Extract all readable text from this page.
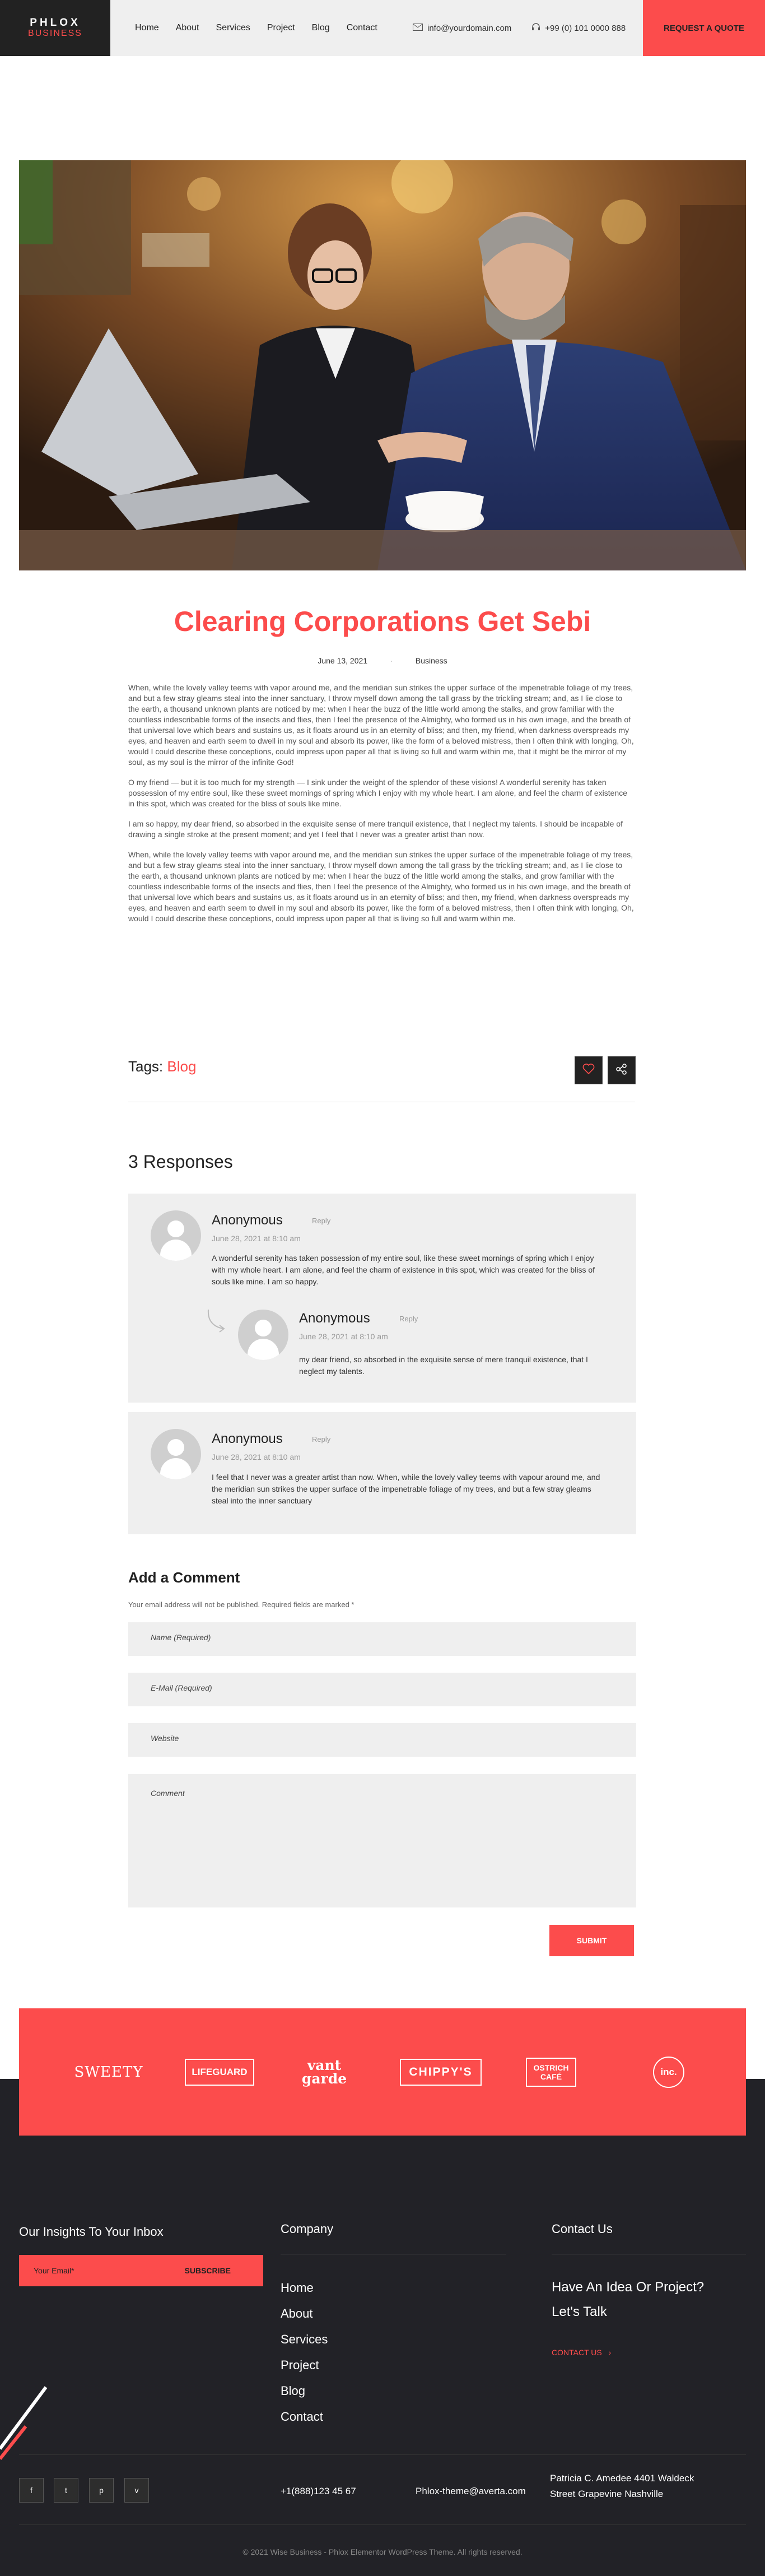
PHLOX
BUSINESS
Home About Services Project Blog Contact	info@yourdomain.com	+99 (0) 101 0000 888	REQUEST A QUOTE
Clearing Corporations Get Sebi
June 13, 2021	·	Business

When, while the lovely valley teems with vapor around me, and the meridian sun strikes the upper surface of the impenetrable foliage of my trees, and but a few stray gleams steal into the inner sanctuary, I throw myself down among the tall grass by the trickling stream; and, as I lie close to the earth, a thousand unknown plants are noticed by me: when I hear the buzz of the little world among the stalks, and grow familiar with the countless indescribable forms of the insects and flies, then I feel the presence of the Almighty, who formed us in his own image, and the breath of that universal love which bears and sustains us, as it floats around us in an eternity of bliss; and then, my friend, when darkness overspreads my eyes, and heaven and earth seem to dwell in my soul and absorb its power, like the form of a beloved mistress, then I often think with longing, Oh, would I could describe these conceptions, could impress upon paper all that is living so full and warm within me, that it might be the mirror of my soul, as my soul is the mirror of the infinite God!

O my friend — but it is too much for my strength — I sink under the weight of the splendor of these visions! A wonderful serenity has taken possession of my entire soul, like these sweet mornings of spring which I enjoy with my whole heart. I am alone, and feel the charm of existence in this spot, which was created for the bliss of souls like mine.

I am so happy, my dear friend, so absorbed in the exquisite sense of mere tranquil existence, that I neglect my talents. I should be incapable of drawing a single stroke at the present moment; and yet I feel that I never was a greater artist than now.

When, while the lovely valley teems with vapor around me, and the meridian sun strikes the upper surface of the impenetrable foliage of my trees, and but a few stray gleams steal into the inner sanctuary, I throw myself down among the tall grass by the trickling stream; and, as I lie close to the earth, a thousand unknown plants are noticed by me: when I hear the buzz of the little world among the stalks, and grow familiar with the countless indescribable forms of the insects and flies, then I feel the presence of the Almighty, who formed us in his own image, and the breath of that universal love which bears and sustains us, as it floats around us in an eternity of bliss; and then, my friend, when darkness overspreads my eyes, and heaven and earth seem to dwell in my soul and absorb its power, like the form of a beloved mistress, then I often think with longing, Oh, would I could describe these conceptions, could impress upon paper all that is living so full and warm within me.

Tags: Blog
3 Responses
Anonymous	Reply
June 28, 2021 at 8:10 am
A wonderful serenity has taken possession of my entire soul, like these sweet mornings of spring which I enjoy with my whole heart. I am alone, and feel the charm of existence in this spot, which was created for the bliss of souls like mine. I am so happy.
Anonymous	Reply
June 28, 2021 at 8:10 am
my dear friend, so absorbed in the exquisite sense of mere tranquil existence, that I neglect my talents.
Anonymous	Reply
June 28, 2021 at 8:10 am
I feel that I never was a greater artist than now. When, while the lovely valley teems with vapour around me, and the meridian sun strikes the upper surface of the impenetrable foliage of my trees, and but a few stray gleams steal into the inner sanctuary
Add a Comment
Your email address will not be published. Required fields are marked *
Name (Required)
E-Mail (Required)
Website
Comment
SUBMIT
SWEETY	LIFEGUARD	vant garde	CHIPPY'S	OSTRICH CAFÉ	inc.
Our Insights To Your Inbox
Your Email*	SUBSCRIBE
Company
Home
About
Services
Project
Blog
Contact
Contact Us
Have An Idea Or Project?
Let's Talk
CONTACT US ›
f	t	p	v	+1(888)123 45 67	Phlox-theme@averta.com
Patricia C. Amedee 4401 Waldeck
Street Grapevine Nashville
© 2021 Wise Business - Phlox Elementor WordPress Theme. All rights reserved.
